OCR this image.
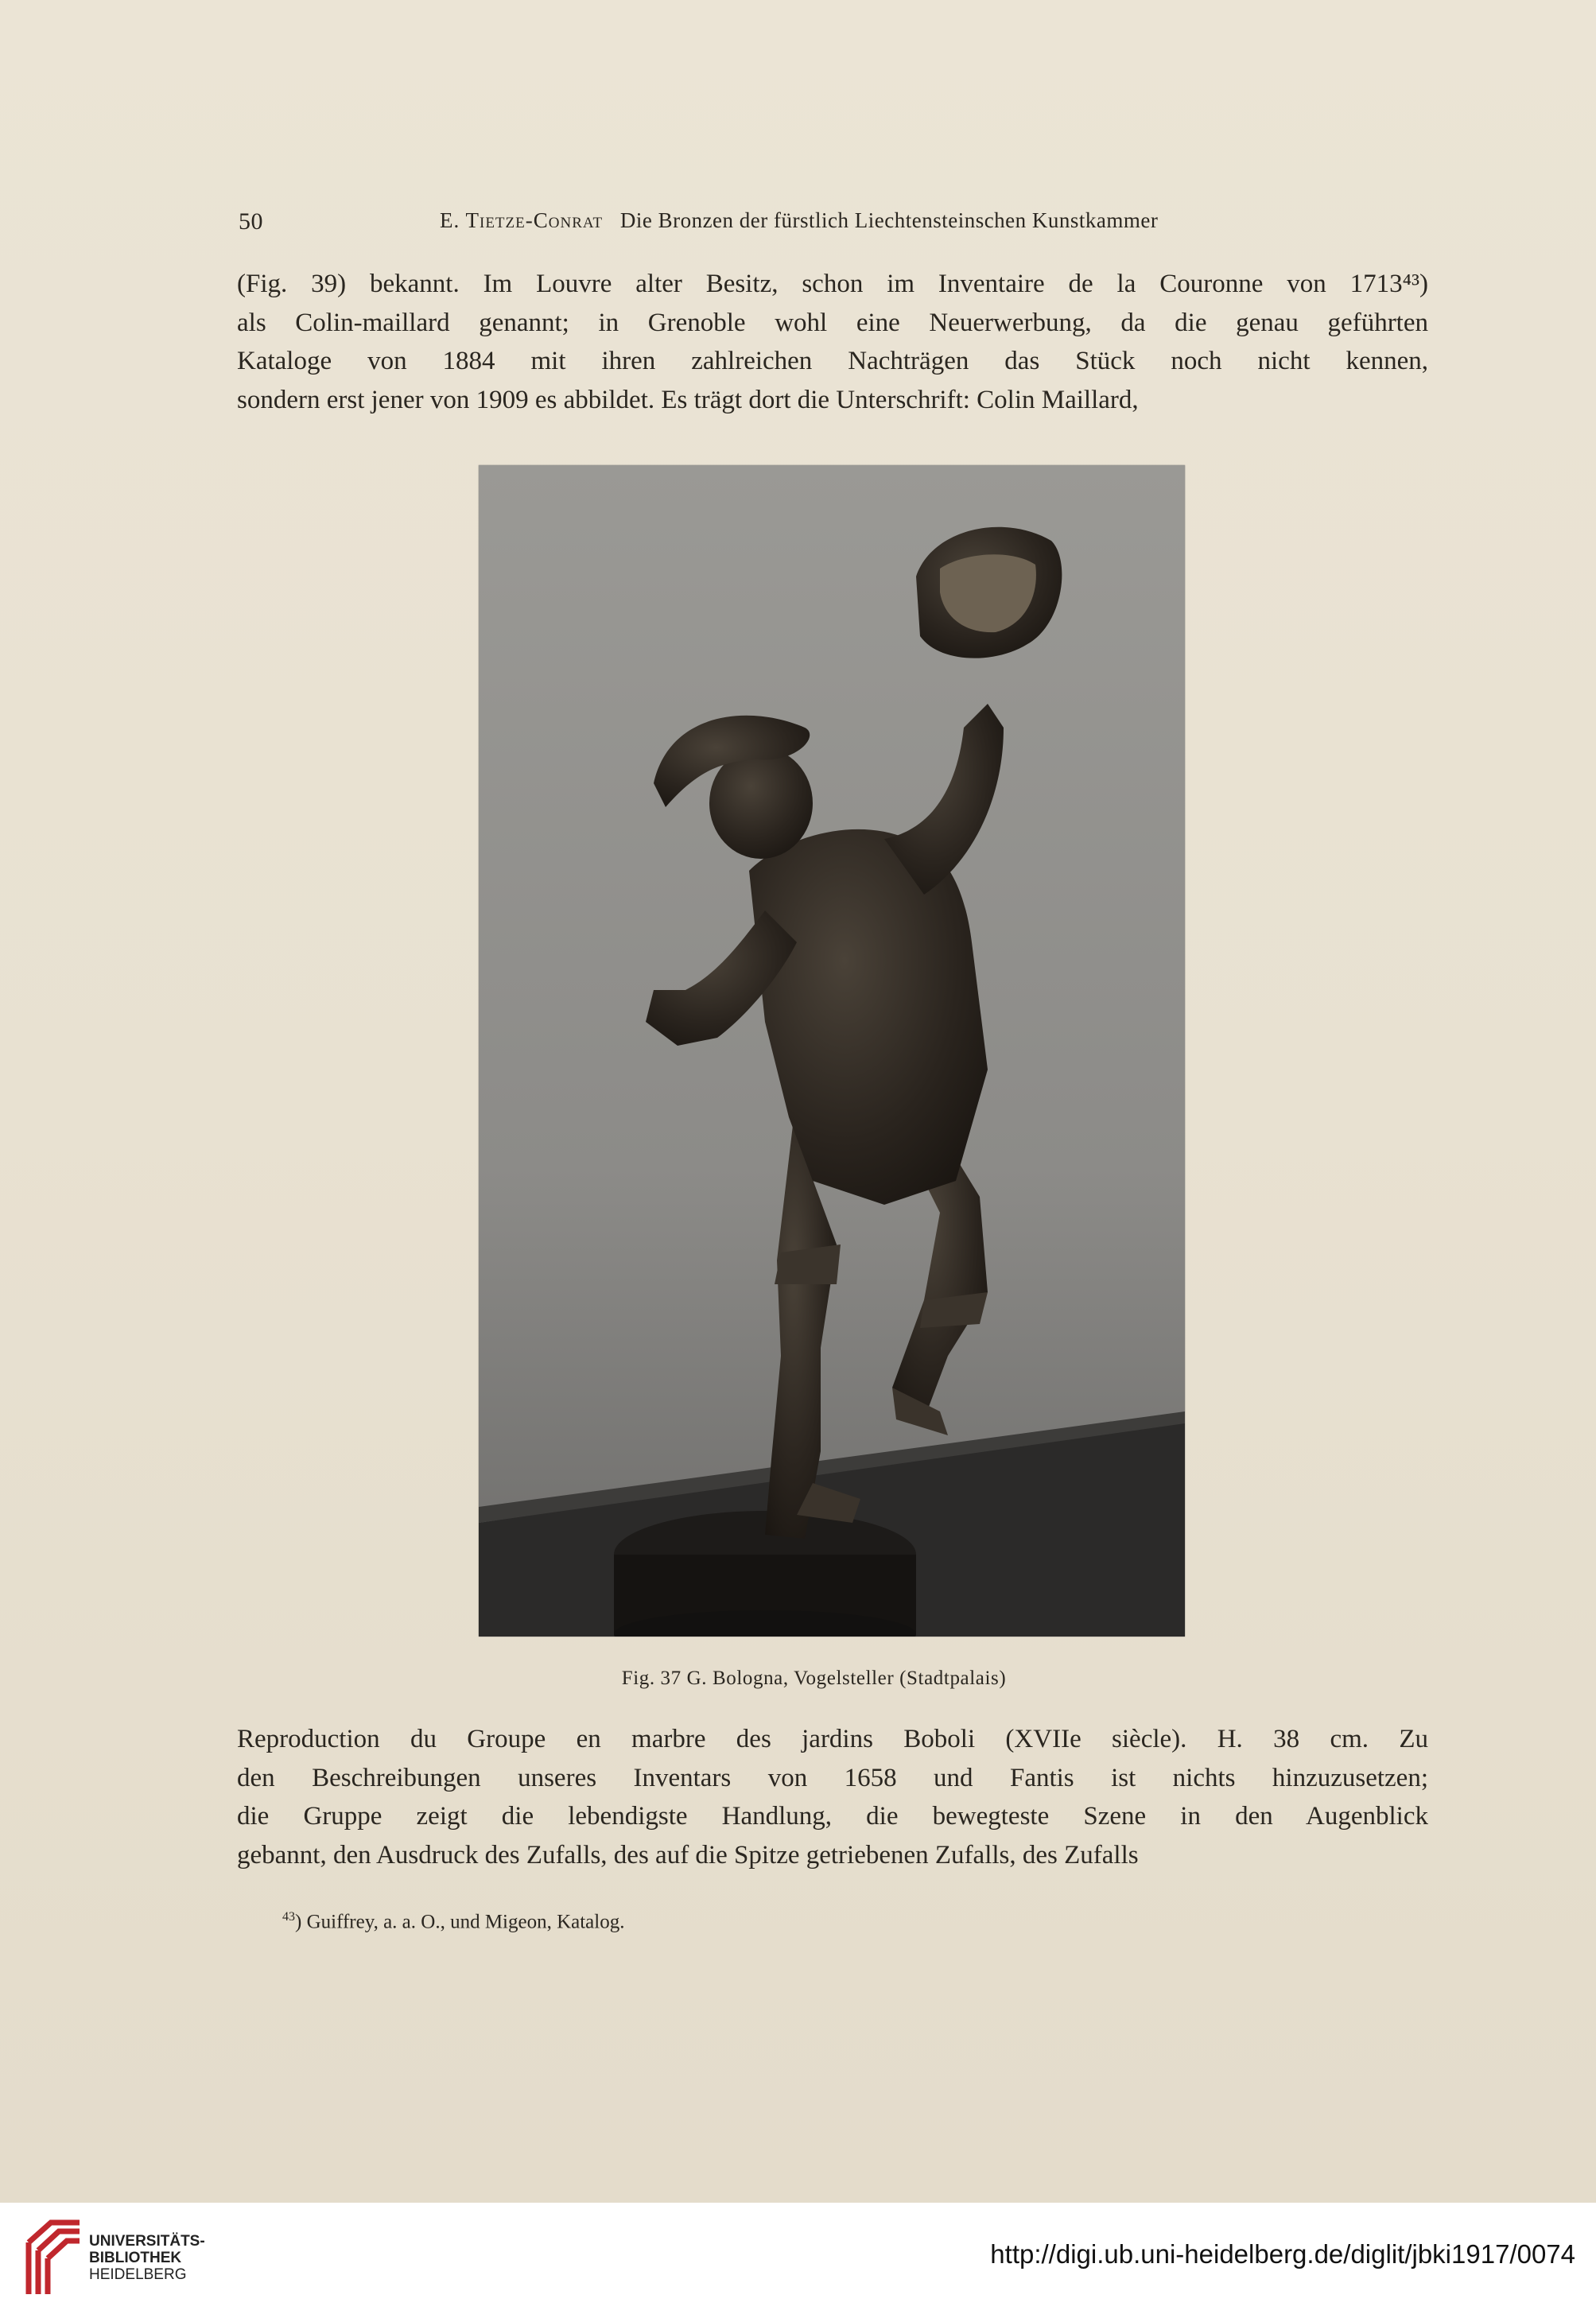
50	E. Tietze-Conrat Die Bronzen der fürstlich Liechtensteinschen Kunstkammer
(Fig. 39) bekannt. Im Louvre alter Besitz, schon im Inventaire de la Couronne von 1713⁴³)
als Colin-maillard genannt; in Grenoble wohl eine Neuerwerbung, da die genau geführten
Kataloge von 1884 mit ihren zahlreichen Nachträgen das Stück noch nicht kennen,
sondern erst jener von 1909 es abbildet. Es trägt dort die Unterschrift: Colin Maillard,
Fig. 37 G. Bologna, Vogelsteller (Stadtpalais)
Reproduction du Groupe en marbre des jardins Boboli (XVIIe siècle). H. 38 cm. Zu
den Beschreibungen unseres Inventars von 1658 und Fantis ist nichts hinzuzusetzen;
die Gruppe zeigt die lebendigste Handlung, die bewegteste Szene in den Augenblick
gebannt, den Ausdruck des Zufalls, des auf die Spitze getriebenen Zufalls, des Zufalls
$^{43}$) Guiffrey, a. a. O., und Migeon, Katalog.
UNIVERSITÄTS-
BIBLIOTHEK
HEIDELBERG
http://digi.ub.uni-heidelberg.de/diglit/jbki1917/0074
